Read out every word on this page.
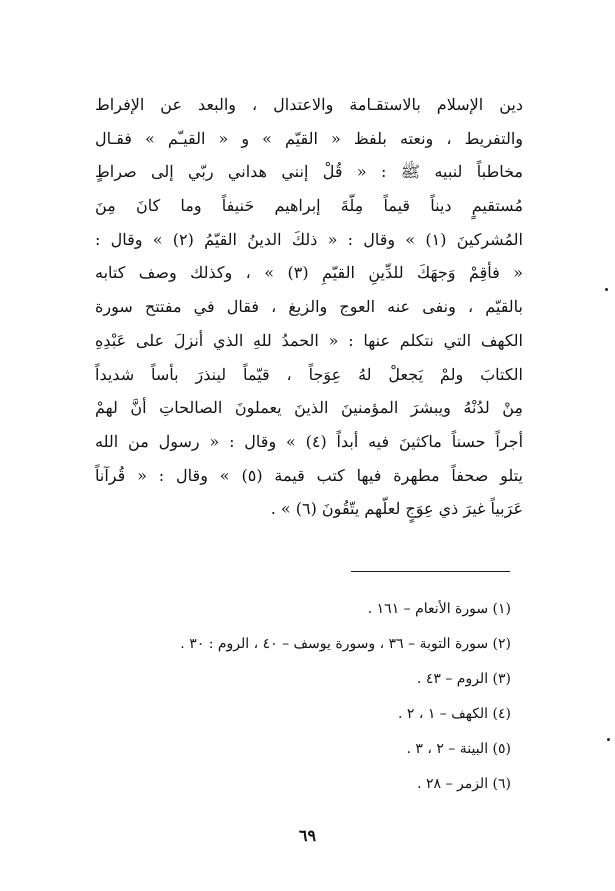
دين الإسلام بالاستقـامة والاعتدال ، والبعد عن الإفراط
والتفريط ، ونعته بلفظ « القيّم » و « القيـّم » فقـال
مخاطباً لنبيه ﷺ : « قُلْ إنني هداني ربّي إلى صراطٍ
مُستقيمٍ ديناً قيماً مِلّةَ إبراهيم حَنيفاً وما كانَ مِنَ
المُشركينَ (١) » وقال : « ذلكَ الدينُ القيّمُ (٢) » وقال :
« فأقِمْ وَجهَكَ للدِّينِ القيّمِ (٣) » ، وكذلك وصف كتابه
بالقيّم ، ونفى عنه العوج والزيغ ، فقال في مفتتح سورة
الكهف التي نتكلم عنها : « الحمدُ للهِ الذي أنزلَ على عَبْدِهِ
الكتابَ ولمْ يَجعلْ لهُ عِوَجاً ، قيّماً لينذرَ بأساً شديداً
مِنْ لدُنْهُ ويبشرَ المؤمنينَ الذينَ يعملونَ الصالحاتِ أنَّ لهمْ
أجراً حسناً ماكثينَ فيه أبداً (٤) » وقال : « رسول من الله
يتلو صحفاً مطهرة فيها كتب قيمة (٥) » وقال : « قُرآناً
عَرَبياً غيرَ ذي عِوَجٍ لعلّهم يتّقُونَ (٦) » .
(١) سورة الأنعام – ١٦١ .
(٢) سورة التوبة – ٣٦ ، وسورة يوسف – ٤٠ ، الروم : ٣٠ .
(٣) الروم – ٤٣ .
(٤) الكهف – ١ ، ٢ .
(٥) البينة – ٢ ، ٣ .
(٦) الزمر – ٢٨ .
٦٩
